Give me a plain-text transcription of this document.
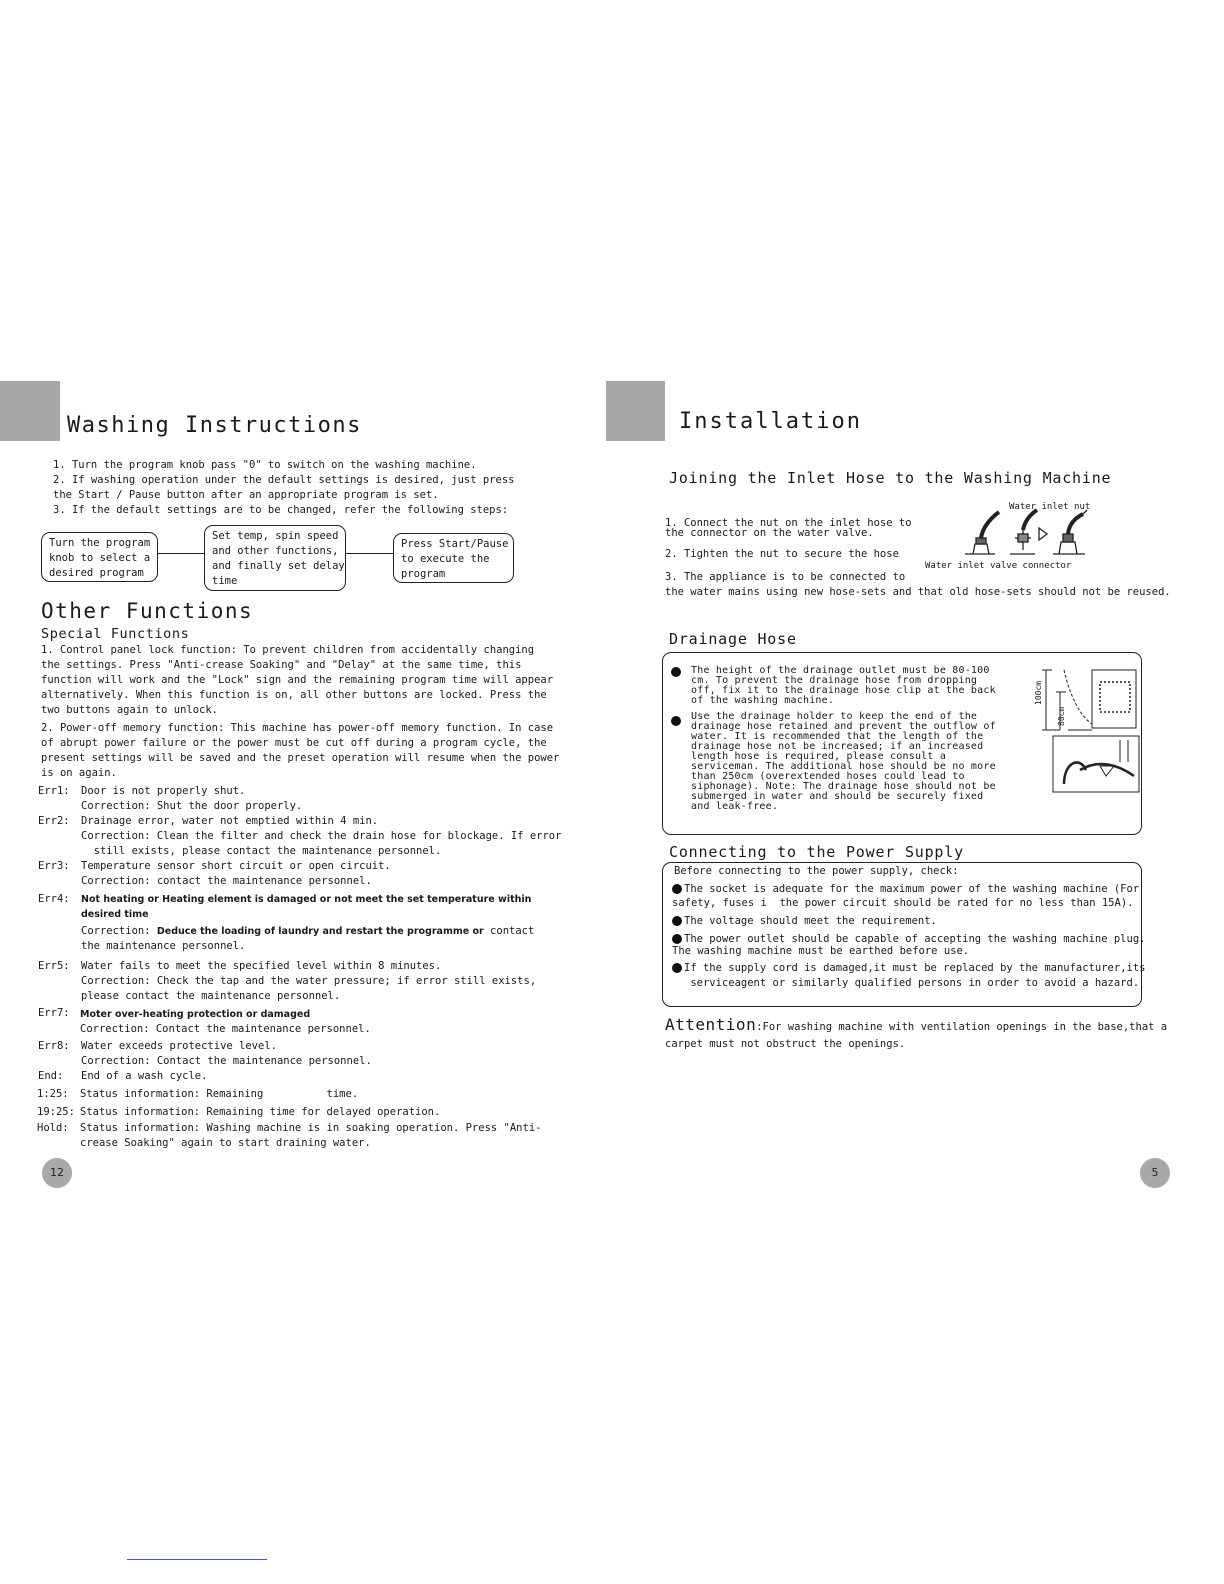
Washing Instructions
1. Turn the program knob pass "0" to switch on the washing machine.
2. If washing operation under the default settings is desired, just press
the Start / Pause button after an appropriate program is set.
3. If the default settings are to be changed, refer the following steps:
Turn the program
knob to select a
desired program
Set temp, spin speed
and other functions,
and finally set delay
time
Press Start/Pause
to execute the
program
Other Functions
Special Functions
1. Control panel lock function: To prevent children from accidentally changing
the settings. Press "Anti-crease Soaking" and "Delay" at the same time, this
function will work and the "Lock" sign and the remaining program time will appear
alternatively. When this function is on, all other buttons are locked. Press the
two buttons again to unlock.
2. Power-off memory function: This machine has power-off memory function. In case
of abrupt power failure or the power must be cut off during a program cycle, the
present settings will be saved and the preset operation will resume when the power
is on again.
Err1: Door is not properly shut.
Correction: Shut the door properly.
Err2: Drainage error, water not emptied within 4 min.
Correction: Clean the filter and check the drain hose for blockage. If error
still exists, please contact the maintenance personnel.
Err3: Temperature sensor short circuit or open circuit.
Correction: contact the maintenance personnel.
Err4: Not heating or Heating element is damaged or not meet the set temperature within
desired time
Correction: Deduce the loading of laundry and restart the programme or contact
the maintenance personnel.
Err5: Water fails to meet the specified level within 8 minutes.
Correction: Check the tap and the water pressure; if error still exists,
please contact the maintenance personnel.
Err7: Moter over-heating protection or damaged
Correction: Contact the maintenance personnel.
Err8: Water exceeds protective level.
Correction: Contact the maintenance personnel.
End: End of a wash cycle.
1:25: Status information: Remaining          time.
19:25: Status information: Remaining time for delayed operation.
Hold: Status information: Washing machine is in soaking operation. Press "Anti-
crease Soaking" again to start draining water.
12
Installation
Joining the Inlet Hose to the Washing Machine
1. Connect the nut on the inlet hose to
the connector on the water valve.
2. Tighten the nut to secure the hose
3. The appliance is to be connected to
the water mains using new hose-sets and that old hose-sets should not be reused.
Water inlet nut
Water inlet valve connector
Drainage Hose
The height of the drainage outlet must be 80-100
cm. To prevent the drainage hose from dropping
off, fix it to the drainage hose clip at the back
of the washing machine.
Use the drainage holder to keep the end of the
drainage hose retained and prevent the outflow of
water. It is recommended that the length of the
drainage hose not be increased; if an increased
length hose is required, please consult a
serviceman. The additional hose should be no more
than 250cm (overextended hoses could lead to
siphonage). Note: The drainage hose should not be
submerged in water and should be securely fixed
and leak-free.
100cm
80cm
Connecting to the Power Supply
Before connecting to the power supply, check:
The socket is adequate for the maximum power of the washing machine (For
safety, fuses i  the power circuit should be rated for no less than 15A).
The voltage should meet the requirement.
The power outlet should be capable of accepting the washing machine plug.
The washing machine must be earthed before use.
If the supply cord is damaged,it must be replaced by the manufacturer,its
serviceagent or similarly qualified persons in order to avoid a hazard.
Attention:For washing machine with ventilation openings in the base,that a
carpet must not obstruct the openings.
5
